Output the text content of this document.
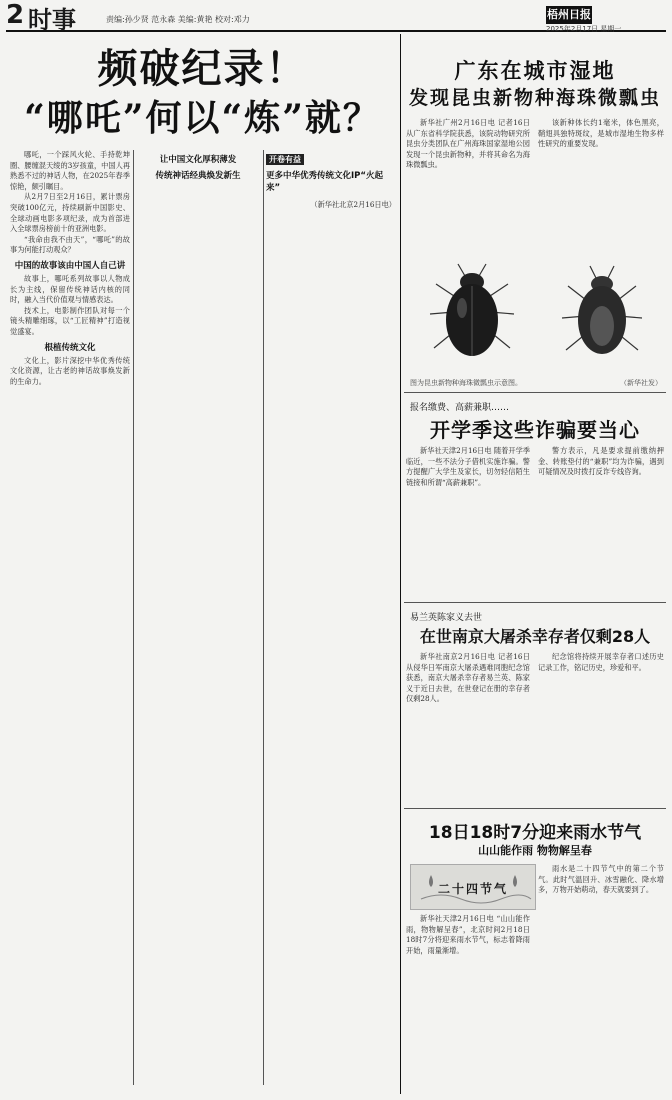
2 时事	责编:孙少贤 范永森 美编:黄艳 校对:邓力	梧州日报
2025年2月17日 星期一
频破纪录！
“哪吒”何以“炼”就？

哪吒，一个踩风火轮、手持乾坤圈、腰缠混天绫的3岁孩童，中国人再熟悉不过的神话人物，在2025年春季惊艳，颇引瞩目。

从2月7日至2月16日，累计票房突破100亿元，持续刷新中国影史、全球动画电影多项纪录，成为首部进入全球票房榜前十的亚洲电影。

“我命由我不由天”，“哪吒”的故事为何能打动观众？

中国的故事该由中国人自己讲

故事上，哪吒系列故事以人物成长为主线，保留传统神话内核的同时，融入当代价值观与情感表达。

技术上，电影制作团队对每一个镜头精雕细琢，以“工匠精神”打造视觉盛宴。

根植传统文化

文化上，影片深挖中华优秀传统文化资源，让古老的神话故事焕发新的生命力。

让中国文化厚积薄发
传统神话经典焕发新生
开卷有益
更多中华优秀传统文化IP“火起来”

（新华社北京2月16日电）

广东在城市湿地
发现昆虫新物种海珠微瓢虫

新华社广州2月16日电 记者16日从广东省科学院获悉，该院动物研究所昆虫分类团队在广州海珠国家湿地公园发现一个昆虫新物种，并将其命名为海珠微瓢虫。

该新种体长约1毫米，体色黑亮，鞘翅具独特斑纹，是城市湿地生物多样性研究的重要发现。

图为昆虫新物种海珠微瓢虫示意图。	（新华社发）
报名缴费、高薪兼职……
开学季这些诈骗要当心

新华社天津2月16日电 随着开学季临近，一些不法分子借机实施诈骗。警方提醒广大学生及家长，切勿轻信陌生链接和所谓“高薪兼职”。

警方表示，凡是要求提前缴纳押金、转账垫付的“兼职”均为诈骗，遇到可疑情况及时拨打反诈专线咨询。

易兰英陈家义去世
在世南京大屠杀幸存者仅剩28人

新华社南京2月16日电 记者16日从侵华日军南京大屠杀遇难同胞纪念馆获悉，南京大屠杀幸存者易兰英、陈家义于近日去世，在世登记在册的幸存者仅剩28人。

纪念馆将持续开展幸存者口述历史记录工作，铭记历史，珍爱和平。

18日18时7分迎来雨水节气
山山能作雨 物物解呈春
$_{二十四节气}$

新华社天津2月16日电 “山山能作雨，物物解呈春”，北京时间2月18日18时7分将迎来雨水节气，标志着降雨开始，雨量渐增。

雨水是二十四节气中的第二个节气。此时气温回升、冰雪融化、降水增多，万物开始萌动，春天就要到了。
